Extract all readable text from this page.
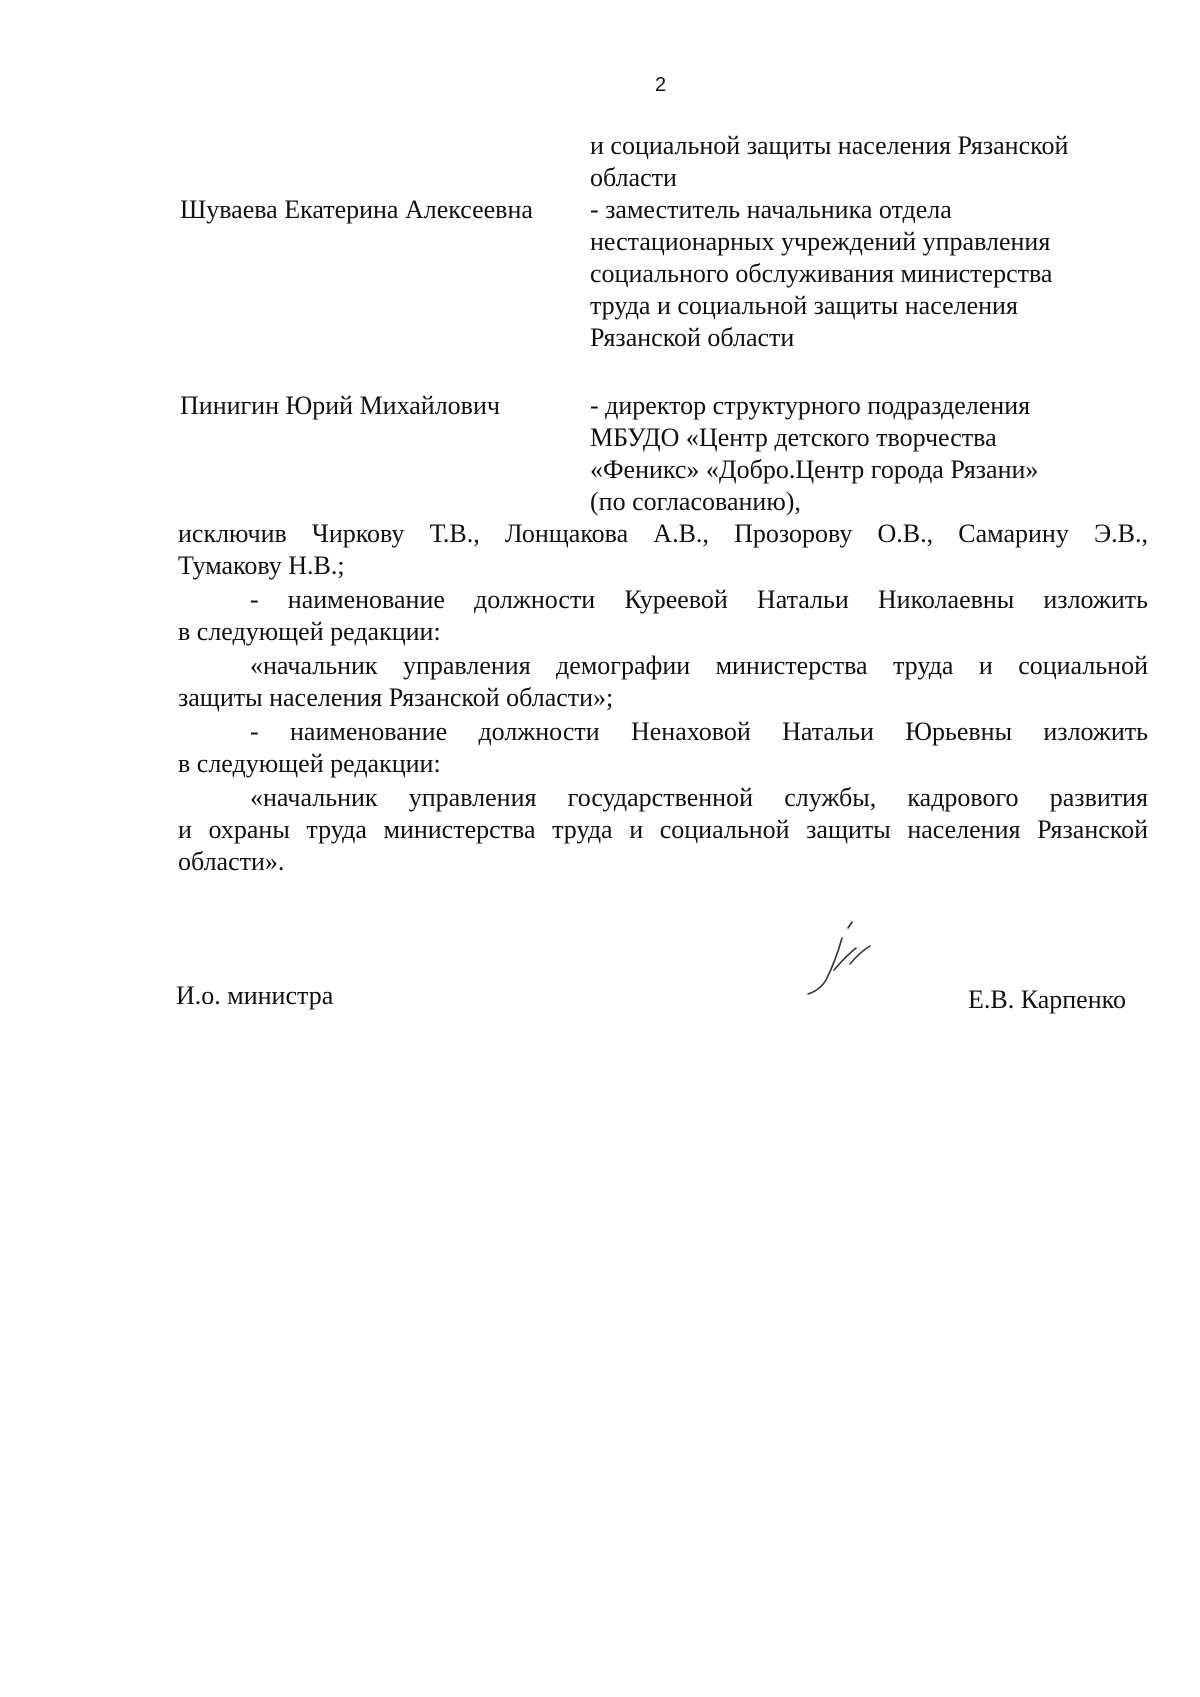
2
и социальной защиты населения Рязанской
области
Шуваева Екатерина Алексеевна - заместитель начальника отдела
нестационарных учреждений управления
социального обслуживания министерства
труда и социальной защиты населения
Рязанской области
Пинигин Юрий Михайлович	- директор структурного подразделения
МБУДО «Центр детского творчества
«Феникс» «Добро.Центр города Рязани»
(по согласованию),
исключив Чиркову Т.В., Лонщакова А.В., Прозорову О.В., Самарину Э.В.,
Тумакову Н.В.;
- наименование должности Куреевой Натальи Николаевны изложить
в следующей редакции:
«начальник управления демографии министерства труда и социальной
защиты населения Рязанской области»;
- наименование должности Ненаховой Натальи Юрьевны изложить
в следующей редакции:
«начальник управления государственной службы, кадрового развития
и охраны труда министерства труда и социальной защиты населения Рязанской
области».
И.о. министра	Е.В. Карпенко
